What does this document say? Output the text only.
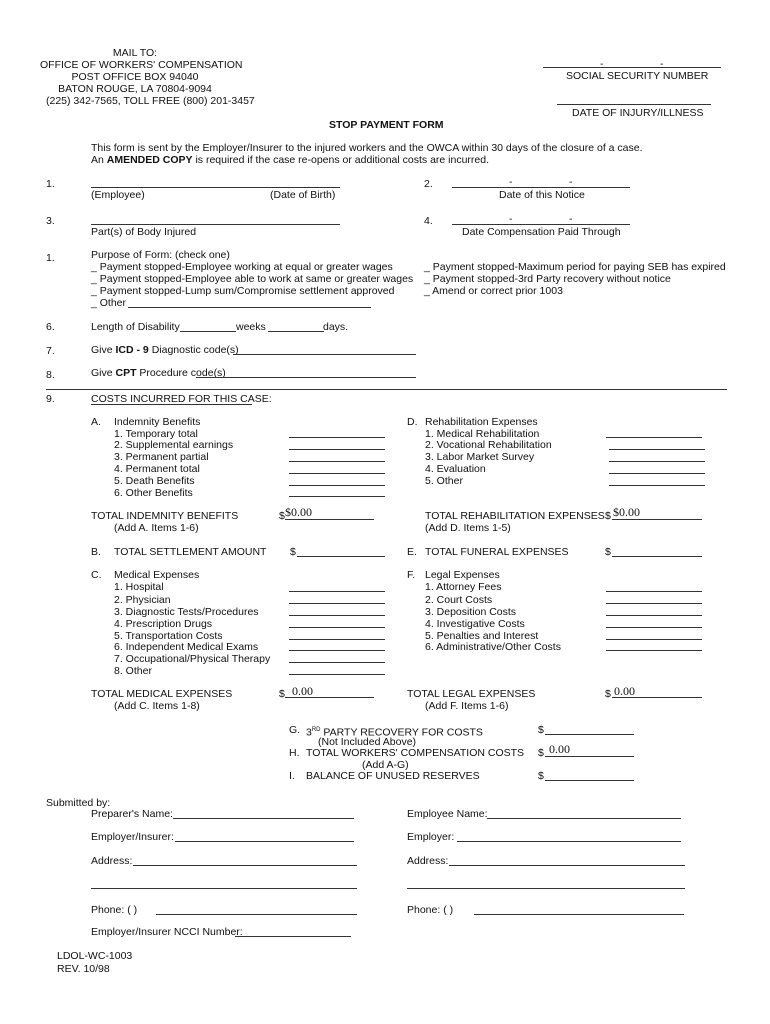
MAIL TO:
OFFICE OF WORKERS' COMPENSATION
POST OFFICE BOX 94040
BATON ROUGE, LA 70804-9094
(225) 342-7565, TOLL FREE (800) 201-3457
-	-
SOCIAL SECURITY NUMBER
DATE OF INJURY/ILLNESS
STOP PAYMENT FORM
This form is sent by the Employer/Insurer to the injured workers and the OWCA within 30 days of the closure of a case.
An AMENDED COPY is required if the case re-opens or additional costs are incurred.
1.
(Employee)	(Date of Birth)
2.	-	-
Date of this Notice
3.
Part(s) of Body Injured
4.	-	-
Date Compensation Paid Through
1.	Purpose of Form: (check one)
_ Payment stopped-Employee working at equal or greater wages
_ Payment stopped-Employee able to work at same or greater wages
_ Payment stopped-Lump sum/Compromise settlement approved
_ Other
_ Payment stopped-Maximum period for paying SEB has expired
_ Payment stopped-3rd Party recovery without notice
_ Amend or correct prior 1003
6.	Length of Disability	weeks	days.
7.	Give ICD - 9 Diagnostic code(s)
8.	Give CPT Procedure code(s)
9.	COSTS INCURRED FOR THIS CASE:
A. Indemnity Benefits
1. Temporary total
2. Supplemental earnings
3. Permanent partial
4. Permanent total
5. Death Benefits
6. Other Benefits
TOTAL INDEMNITY BENEFITS
(Add A. Items 1-6)
$ $0.00
D. Rehabilitation Expenses
1. Medical Rehabilitation
2. Vocational Rehabilitation
3. Labor Market Survey
4. Evaluation
5. Other
TOTAL REHABILITATION EXPENSES
(Add D. Items 1-5)
$ $0.00
B. TOTAL SETTLEMENT AMOUNT $	E. TOTAL FUNERAL EXPENSES	$
C. Medical Expenses
1. Hospital
2. Physician
3. Diagnostic Tests/Procedures
4. Prescription Drugs
5. Transportation Costs
6. Independent Medical Exams
7. Occupational/Physical Therapy
8. Other
TOTAL MEDICAL EXPENSES
(Add C. Items 1-8)
$ 0.00
F. Legal Expenses
1. Attorney Fees
2. Court Costs
3. Deposition Costs
4. Investigative Costs
5. Penalties and Interest
6. Administrative/Other Costs
TOTAL LEGAL EXPENSES
(Add F. Items 1-6)
$ 0.00
G. 3RD PARTY RECOVERY FOR COSTS
(Not Included Above)
$
H. TOTAL WORKERS' COMPENSATION COSTS
(Add A-G)
$ 0.00
I. BALANCE OF UNUSED RESERVES	$
Submitted by:
Preparer's Name:
Employer/Insurer:
Address:
Phone: ( )
Employer/Insurer NCCI Number:
Employee Name:
Employer:
Address:
Phone: ( )
LDOL-WC-1003
REV. 10/98
